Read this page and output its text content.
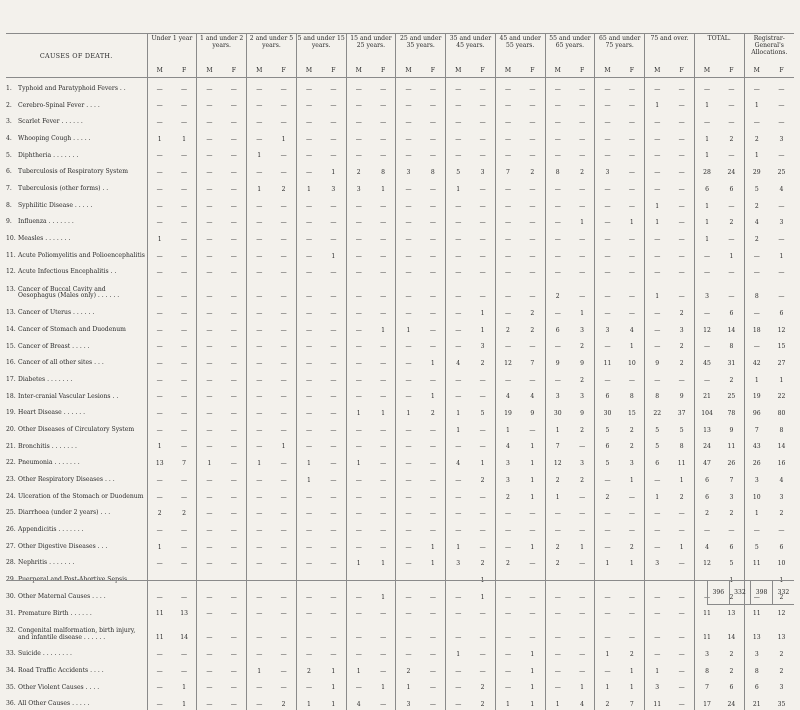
CAUSES OF DEATH.	Under 1 year		1 and under 2 years.		2 and under 5 years.		5 and under 15 years.		15 and under 25 years.		25 and under 35 years.		35 and under 45 years.		45 and under 55 years.		55 and under 65 years.		65 and under 75 years.		75 and over.		TOTAL.		Registrar-General's Allocations.	
	M	F	M	F	M	F	M	F	M	F	M	F	M	F	M	F	M	F	M	F	M	F	M	F	M	F
1. Typhoid and Paratyphoid Fevers . .	—	—	—	—	—	—	—	—	—	—	—	—	—	—	—	—	—	—	—	—	—	—	—	—	—	—
2. Cerebro-Spinal Fever . . . .	—	—	—	—	—	—	—	—	—	—	—	—	—	—	—	—	—	—	—	—	1	—	1	—	1	—
3. Scarlet Fever . . . . . .	—	—	—	—	—	—	—	—	—	—	—	—	—	—	—	—	—	—	—	—	—	—	—	—	—	—
4. Whooping Cough . . . . .	1	1	—	—	—	1	—	—	—	—	—	—	—	—	—	—	—	—	—	—	—	—	1	2	2	3
5. Diphtheria . . . . . . .	—	—	—	—	1	—	—	—	—	—	—	—	—	—	—	—	—	—	—	—	—	—	1	—	1	—
6. Tuberculosis of Respiratory System	—	—	—	—	—	—	—	1	2	8	3	8	5	3	7	2	8	2	3	—	—	—	28	24	29	25
7. Tuberculosis (other forms) . .	—	—	—	—	1	2	1	3	3	1	—	—	1	—	—	—	—	—	—	—	—	—	6	6	5	4
8. Syphilitic Disease . . . . .	—	—	—	—	—	—	—	—	—	—	—	—	—	—	—	—	—	—	—	—	1	—	1	—	2	—
9. Influenza . . . . . . .	—	—	—	—	—	—	—	—	—	—	—	—	—	—	—	—	—	1	—	1	1	—	1	2	4	3
10. Measles . . . . . . .	1	—	—	—	—	—	—	—	—	—	—	—	—	—	—	—	—	—	—	—	—	—	1	—	2	—
11. Acute Poliomyelitis and Polioencephalitis	—	—	—	—	—	—	—	1	—	—	—	—	—	—	—	—	—	—	—	—	—	—	—	1	—	1
12. Acute Infectious Encephalitis . .	—	—	—	—	—	—	—	—	—	—	—	—	—	—	—	—	—	—	—	—	—	—	—	—	—	—
13. Cancer of Buccal Cavity and Oesophagus (Males only) . . . . . .	—	—	—	—	—	—	—	—	—	—	—	—	—	—	—	—	2	—	—	—	1	—	3	—	8	—
13. Cancer of Uterus . . . . . .	—	—	—	—	—	—	—	—	—	—	—	—	—	1	—	2	—	1	—	—	—	2	—	6	—	6
14. Cancer of Stomach and Duodenum	—	—	—	—	—	—	—	—	—	1	1	—	—	1	2	2	6	3	3	4	—	3	12	14	18	12
15. Cancer of Breast . . . . .	—	—	—	—	—	—	—	—	—	—	—	—	—	3	—	—	—	2	—	1	—	2	—	8	—	15
16. Cancer of all other sites . . .	—	—	—	—	—	—	—	—	—	—	—	1	4	2	12	7	9	9	11	10	9	2	45	31	42	27
17. Diabetes . . . . . . .	—	—	—	—	—	—	—	—	—	—	—	—	—	—	—	—	—	2	—	—	—	—	—	2	1	1
18. Inter-cranial Vascular Lesions . .	—	—	—	—	—	—	—	—	—	—	—	1	—	—	4	4	3	3	6	8	8	9	21	25	19	22
19. Heart Disease . . . . . .	—	—	—	—	—	—	—	—	1	1	1	2	1	5	19	9	30	9	30	15	22	37	104	78	96	80
20. Other Diseases of Circulatory System	—	—	—	—	—	—	—	—	—	—	—	—	1	—	1	—	1	2	5	2	5	5	13	9	7	8
21. Bronchitis . . . . . . .	1	—	—	—	—	1	—	—	—	—	—	—	—	—	4	1	7	—	6	2	5	8	24	11	43	14
22. Pneumonia . . . . . . .	13	7	1	—	1	—	1	—	1	—	—	—	4	1	3	1	12	3	5	3	6	11	47	26	26	16
23. Other Respiratory Diseases . . .	—	—	—	—	—	—	1	—	—	—	—	—	—	2	3	1	2	2	—	1	—	1	6	7	3	4
24. Ulceration of the Stomach or Duodenum	—	—	—	—	—	—	—	—	—	—	—	—	—	—	2	1	1	—	2	—	1	2	6	3	10	3
25. Diarrhoea (under 2 years) . . .	2	2	—	—	—	—	—	—	—	—	—	—	—	—	—	—	—	—	—	—	—	—	2	2	1	2
26. Appendicitis . . . . . . .	—	—	—	—	—	—	—	—	—	—	—	—	—	—	—	—	—	—	—	—	—	—	—	—	—	—
27. Other Digestive Diseases . . .	1	—	—	—	—	—	—	—	—	—	—	1	1	—	—	1	2	1	—	2	—	1	4	6	5	6
28. Nephritis . . . . . . .	—	—	—	—	—	—	—	—	1	1	—	1	3	2	2	—	2	—	1	1	3	—	12	5	11	10
29. Puerperal and Post-Abortive Sepsis	—	—	—	—	—	—	—	—	—	—	—	—	—	1	—	—	—	—	—	—	—	—	—	1	—	1
30. Other Maternal Causes . . . .	—	—	—	—	—	—	—	—	—	1	—	—	—	1	—	—	—	—	—	—	—	—	—	2	—	2
31. Premature Birth . . . . . .	11	13	—	—	—	—	—	—	—	—	—	—	—	—	—	—	—	—	—	—	—	—	11	13	11	12
32. Congenital malformation, birth injury, and infantile disease . . . . . .	11	14	—	—	—	—	—	—	—	—	—	—	—	—	—	—	—	—	—	—	—	—	11	14	13	13
33. Suicide . . . . . . . .	—	—	—	—	—	—	—	—	—	—	—	—	1	—	—	1	—	—	1	2	—	—	3	2	3	2
34. Road Traffic Accidents . . . .	—	—	—	—	1	—	2	1	1	—	2	—	—	—	—	1	—	—	—	1	1	—	8	2	8	2
35. Other Violent Causes . . . .	—	1	—	—	—	—	—	1	—	1	1	—	—	2	—	1	—	1	1	1	3	—	7	6	6	3
36. All Other Causes . . . . .	—	1	—	—	—	2	1	1	4	—	3	—	—	2	1	1	1	4	2	7	11	—	17	24	21	35
396	332	398	332
